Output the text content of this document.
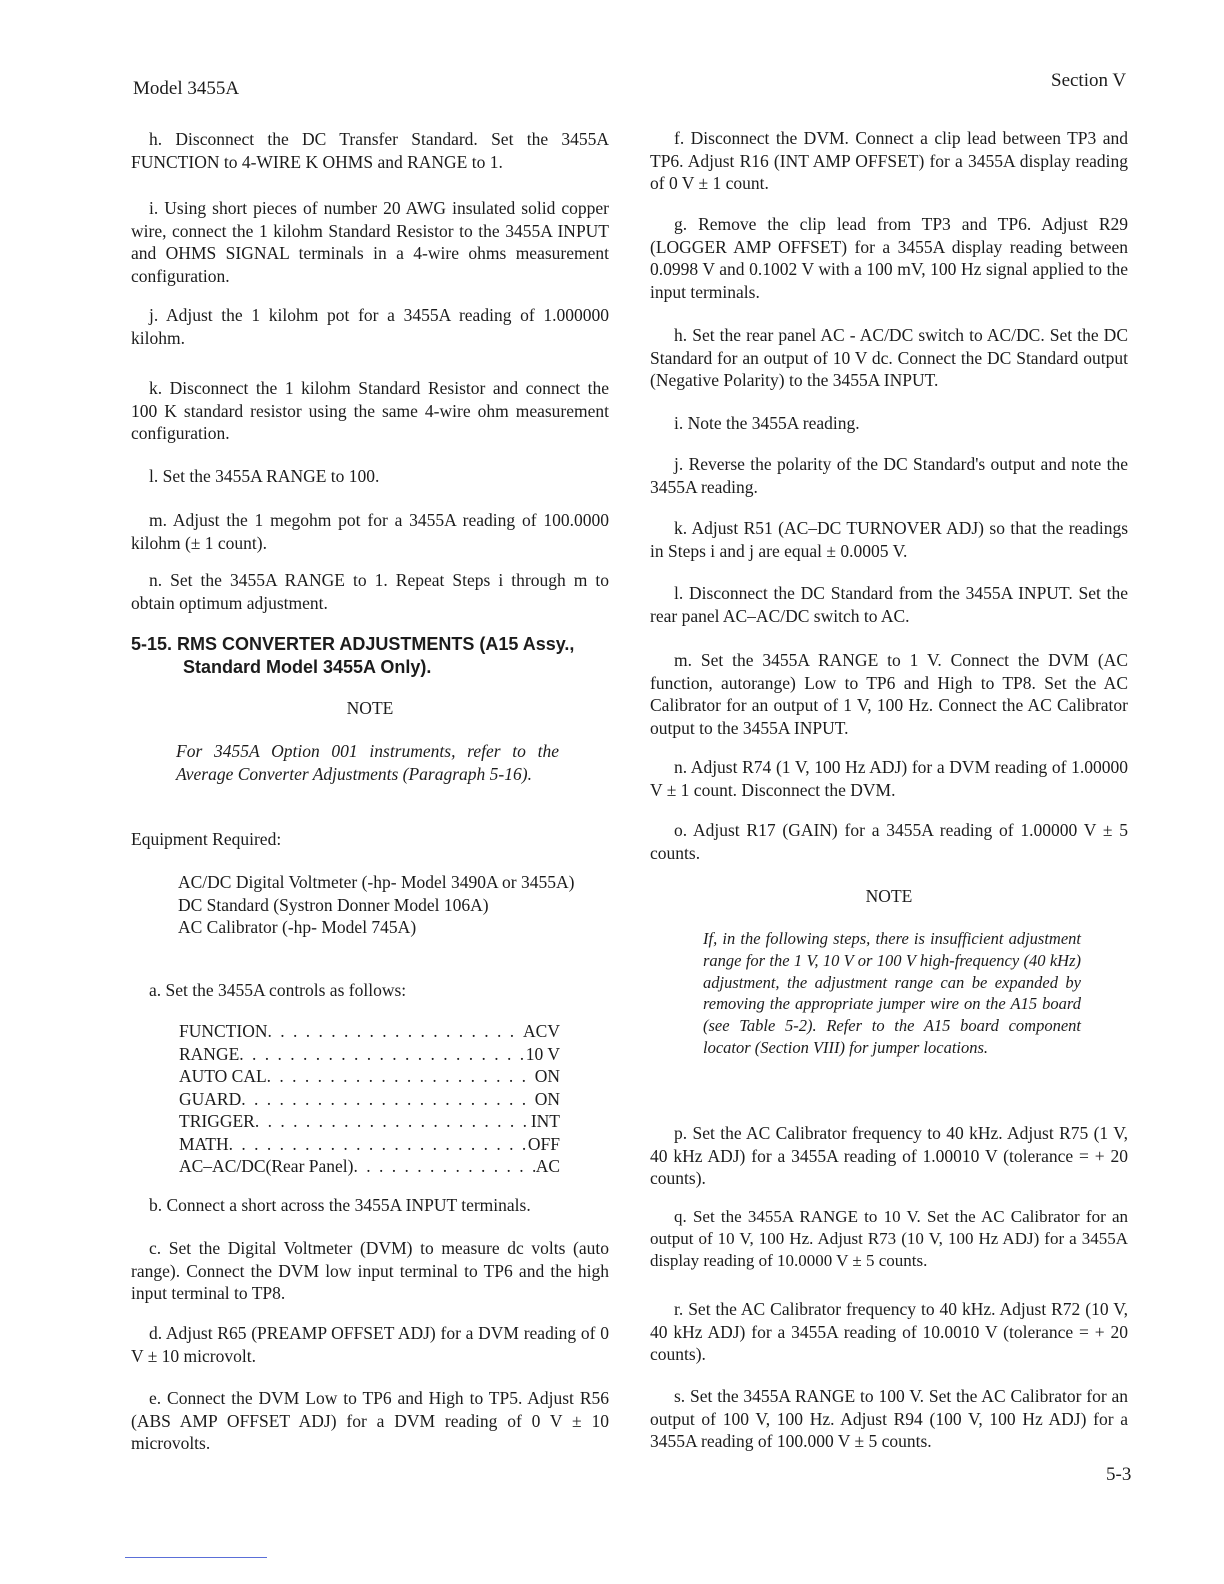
Model 3455A	Section V

h. Disconnect the DC Transfer Standard. Set the 3455A FUNCTION to 4-WIRE K OHMS and RANGE to 1.

i. Using short pieces of number 20 AWG insulated solid copper wire, connect the 1 kilohm Standard Resistor to the 3455A INPUT and OHMS SIGNAL terminals in a 4-wire ohms measurement configuration.

j. Adjust the 1 kilohm pot for a 3455A reading of 1.000000 kilohm.

k. Disconnect the 1 kilohm Standard Resistor and connect the 100 K standard resistor using the same 4-wire ohm measurement configuration.

l. Set the 3455A RANGE to 100.

m. Adjust the 1 megohm pot for a 3455A reading of 100.0000 kilohm (± 1 count).

n. Set the 3455A RANGE to 1. Repeat Steps i through m to obtain optimum adjustment.

5-15. RMS CONVERTER ADJUSTMENTS (A15 Assy.,

Standard Model 3455A Only).

NOTE

For 3455A Option 001 instruments, refer to the Average Converter Adjustments (Paragraph 5-16).

Equipment Required:

AC/DC Digital Voltmeter (-hp- Model 3490A or 3455A)

DC Standard (Systron Donner Model 106A)

AC Calibrator (-hp- Model 745A)

a. Set the 3455A controls as follows:

FUNCTION . . .	ACV
RANGE . . .	10 V
AUTO CAL . . .	ON
GUARD . . .	ON
TRIGGER . . .	INT
MATH . . .	OFF
AC–AC/DC(Rear Panel) . . .	AC

b. Connect a short across the 3455A INPUT terminals.

c. Set the Digital Voltmeter (DVM) to measure dc volts (auto range). Connect the DVM low input terminal to TP6 and the high input terminal to TP8.

d. Adjust R65 (PREAMP OFFSET ADJ) for a DVM reading of 0 V ± 10 microvolt.

e. Connect the DVM Low to TP6 and High to TP5. Adjust R56 (ABS AMP OFFSET ADJ) for a DVM reading of 0 V ± 10 microvolts.

f. Disconnect the DVM. Connect a clip lead between TP3 and TP6. Adjust R16 (INT AMP OFFSET) for a 3455A display reading of 0 V ± 1 count.

g. Remove the clip lead from TP3 and TP6. Adjust R29 (LOGGER AMP OFFSET) for a 3455A display reading between 0.0998 V and 0.1002 V with a 100 mV, 100 Hz signal applied to the input terminals.

h. Set the rear panel AC - AC/DC switch to AC/DC. Set the DC Standard for an output of 10 V dc. Connect the DC Standard output (Negative Polarity) to the 3455A INPUT.

i. Note the 3455A reading.

j. Reverse the polarity of the DC Standard's output and note the 3455A reading.

k. Adjust R51 (AC–DC TURNOVER ADJ) so that the readings in Steps i and j are equal ± 0.0005 V.

l. Disconnect the DC Standard from the 3455A INPUT. Set the rear panel AC–AC/DC switch to AC.

m. Set the 3455A RANGE to 1 V. Connect the DVM (AC function, autorange) Low to TP6 and High to TP8. Set the AC Calibrator for an output of 1 V, 100 Hz. Connect the AC Calibrator output to the 3455A INPUT.

n. Adjust R74 (1 V, 100 Hz ADJ) for a DVM reading of 1.00000 V ± 1 count. Disconnect the DVM.

o. Adjust R17 (GAIN) for a 3455A reading of 1.00000 V ± 5 counts.

NOTE

If, in the following steps, there is insufficient adjustment range for the 1 V, 10 V or 100 V high-frequency (40 kHz) adjustment, the adjustment range can be expanded by removing the appropriate jumper wire on the A15 board (see Table 5-2). Refer to the A15 board component locator (Section VIII) for jumper locations.

p. Set the AC Calibrator frequency to 40 kHz. Adjust R75 (1 V, 40 kHz ADJ) for a 3455A reading of 1.00010 V (tolerance = + 20 counts).

q. Set the 3455A RANGE to 10 V. Set the AC Calibrator for an output of 10 V, 100 Hz. Adjust R73 (10 V, 100 Hz ADJ) for a 3455A display reading of 10.0000 V ± 5 counts.

r. Set the AC Calibrator frequency to 40 kHz. Adjust R72 (10 V, 40 kHz ADJ) for a 3455A reading of 10.0010 V (tolerance = + 20 counts).

s. Set the 3455A RANGE to 100 V. Set the AC Calibrator for an output of 100 V, 100 Hz. Adjust R94 (100 V, 100 Hz ADJ) for a 3455A reading of 100.000 V ± 5 counts.

5-3
